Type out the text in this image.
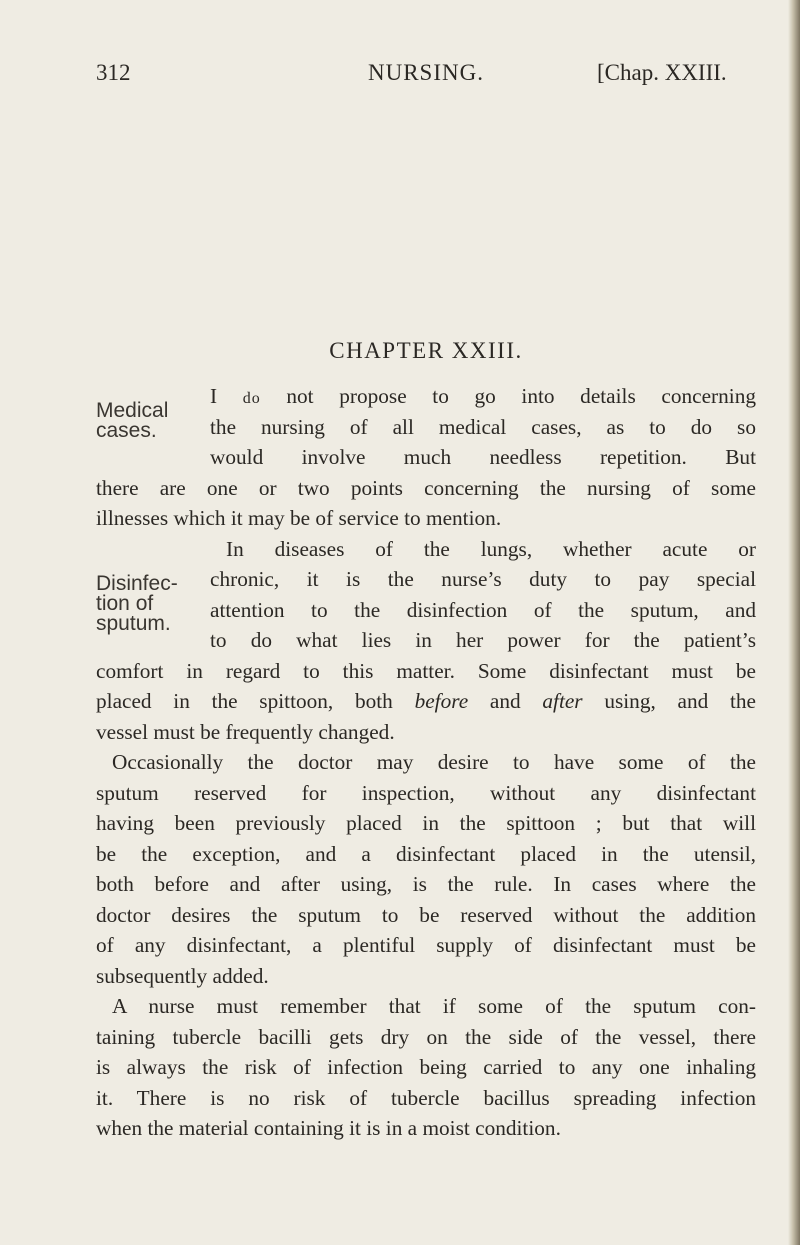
312	NURSING.	[Chap. XXIII.
CHAPTER XXIII.
Medical
cases.
Disinfec-
tion of
sputum.
I do not propose to go into details concerning
the nursing of all medical cases, as to do so
would involve much needless repetition. But
there are one or two points concerning the nursing of some
illnesses which it may be of service to mention.
In diseases of the lungs, whether acute or
chronic, it is the nurse’s duty to pay special
attention to the disinfection of the sputum, and
to do what lies in her power for the patient’s
comfort in regard to this matter. Some disinfectant must be
placed in the spittoon, both before and after using, and the
vessel must be frequently changed.
Occasionally the doctor may desire to have some of the
sputum reserved for inspection, without any disinfectant
having been previously placed in the spittoon ; but that will
be the exception, and a disinfectant placed in the utensil,
both before and after using, is the rule. In cases where the
doctor desires the sputum to be reserved without the addition
of any disinfectant, a plentiful supply of disinfectant must be
subsequently added.
A nurse must remember that if some of the sputum con-
taining tubercle bacilli gets dry on the side of the vessel, there
is always the risk of infection being carried to any one inhaling
it. There is no risk of tubercle bacillus spreading infection
when the material containing it is in a moist condition.
